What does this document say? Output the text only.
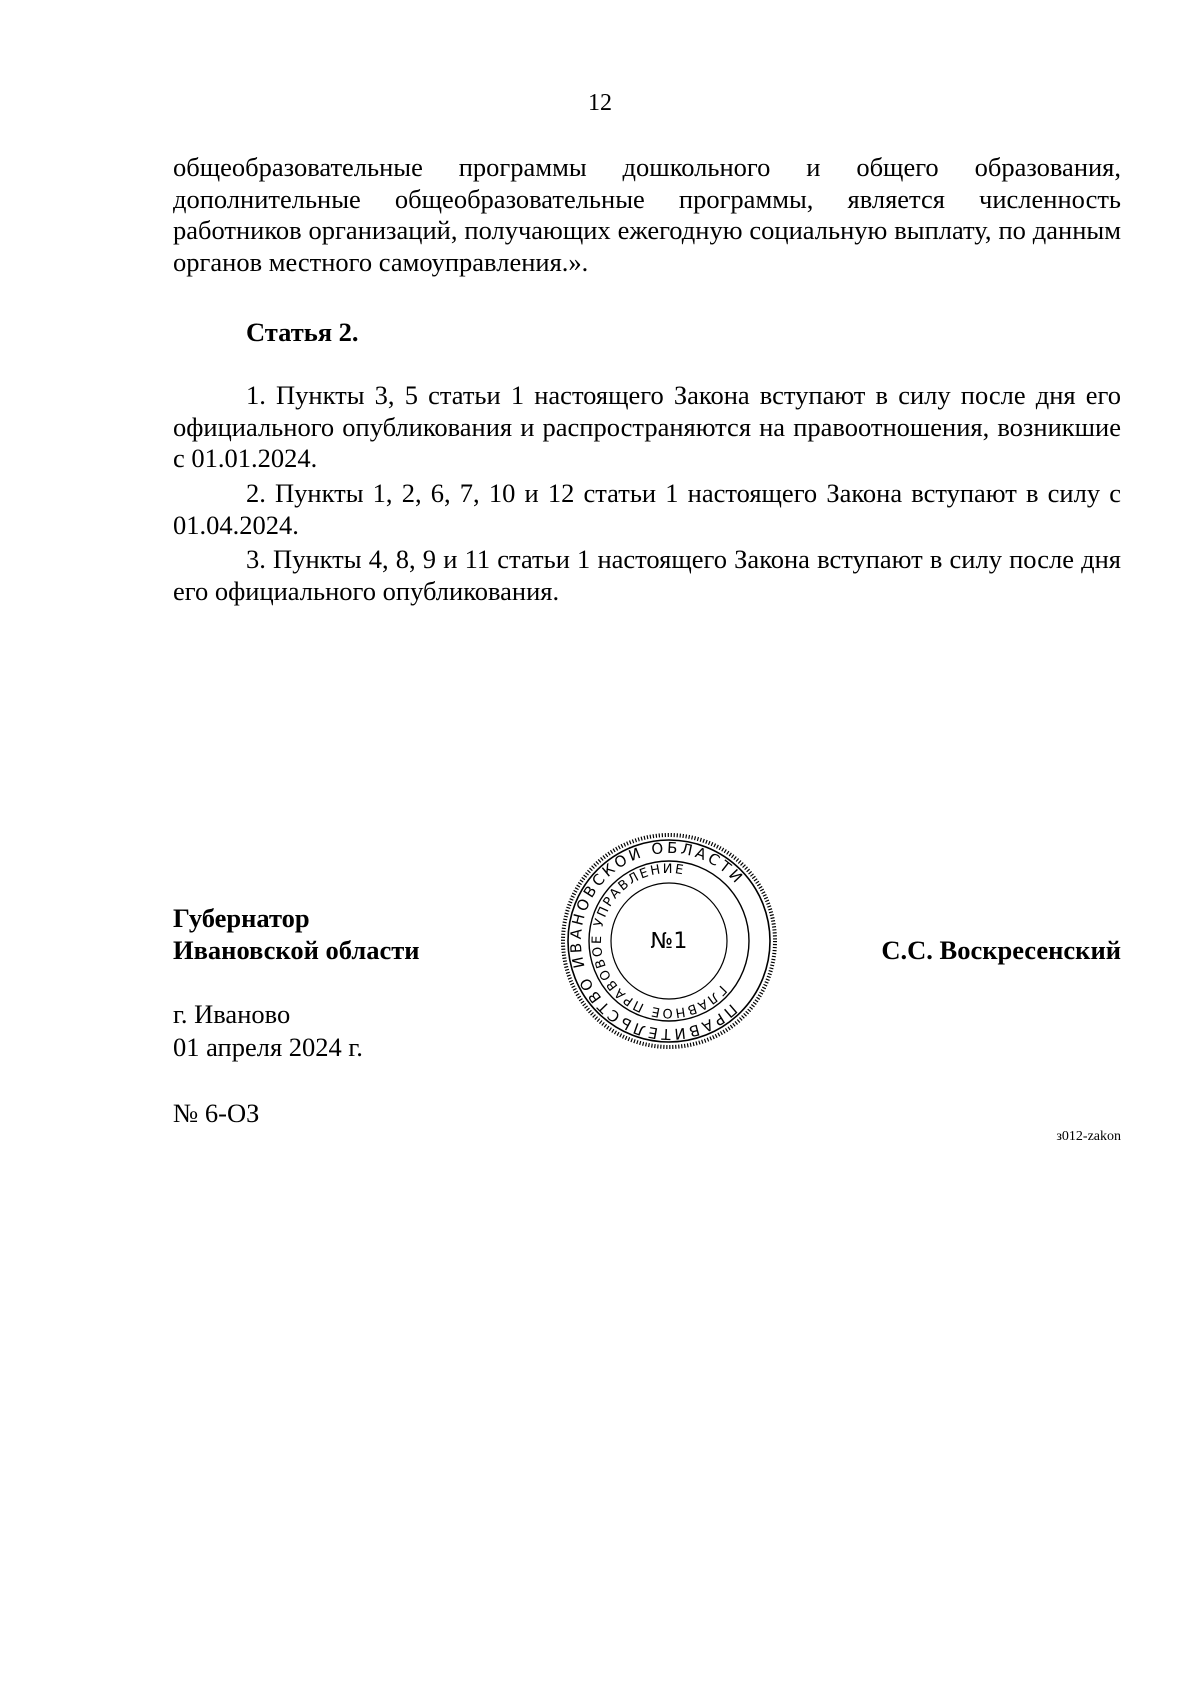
12

общеобразовательные программы дошкольного и общего образования, дополнительные общеобразовательные программы, является численность работников организаций, получающих ежегодную социальную выплату, по данным органов местного самоуправления.».

Статья 2.

1. Пункты 3, 5 статьи 1 настоящего Закона вступают в силу после дня его официального опубликования и распространяются на правоотношения, возникшие с 01.01.2024.

2. Пункты 1, 2, 6, 7, 10 и 12 статьи 1 настоящего Закона вступают в силу с 01.04.2024.

3. Пункты 4, 8, 9 и 11 статьи 1 настоящего Закона вступают в силу после дня его официального опубликования.

Губернатор
Ивановской области	С.С. Воскресенский
ПРАВИТЕЛЬСТВО ИВАНОВСКОЙ ОБЛАСТИ
ГЛАВНОЕ ПРАВОВОЕ УПРАВЛЕНИЕ
№1
г. Иваново
01 апреля 2024 г.
№ 6-ОЗ
з012-zakon
